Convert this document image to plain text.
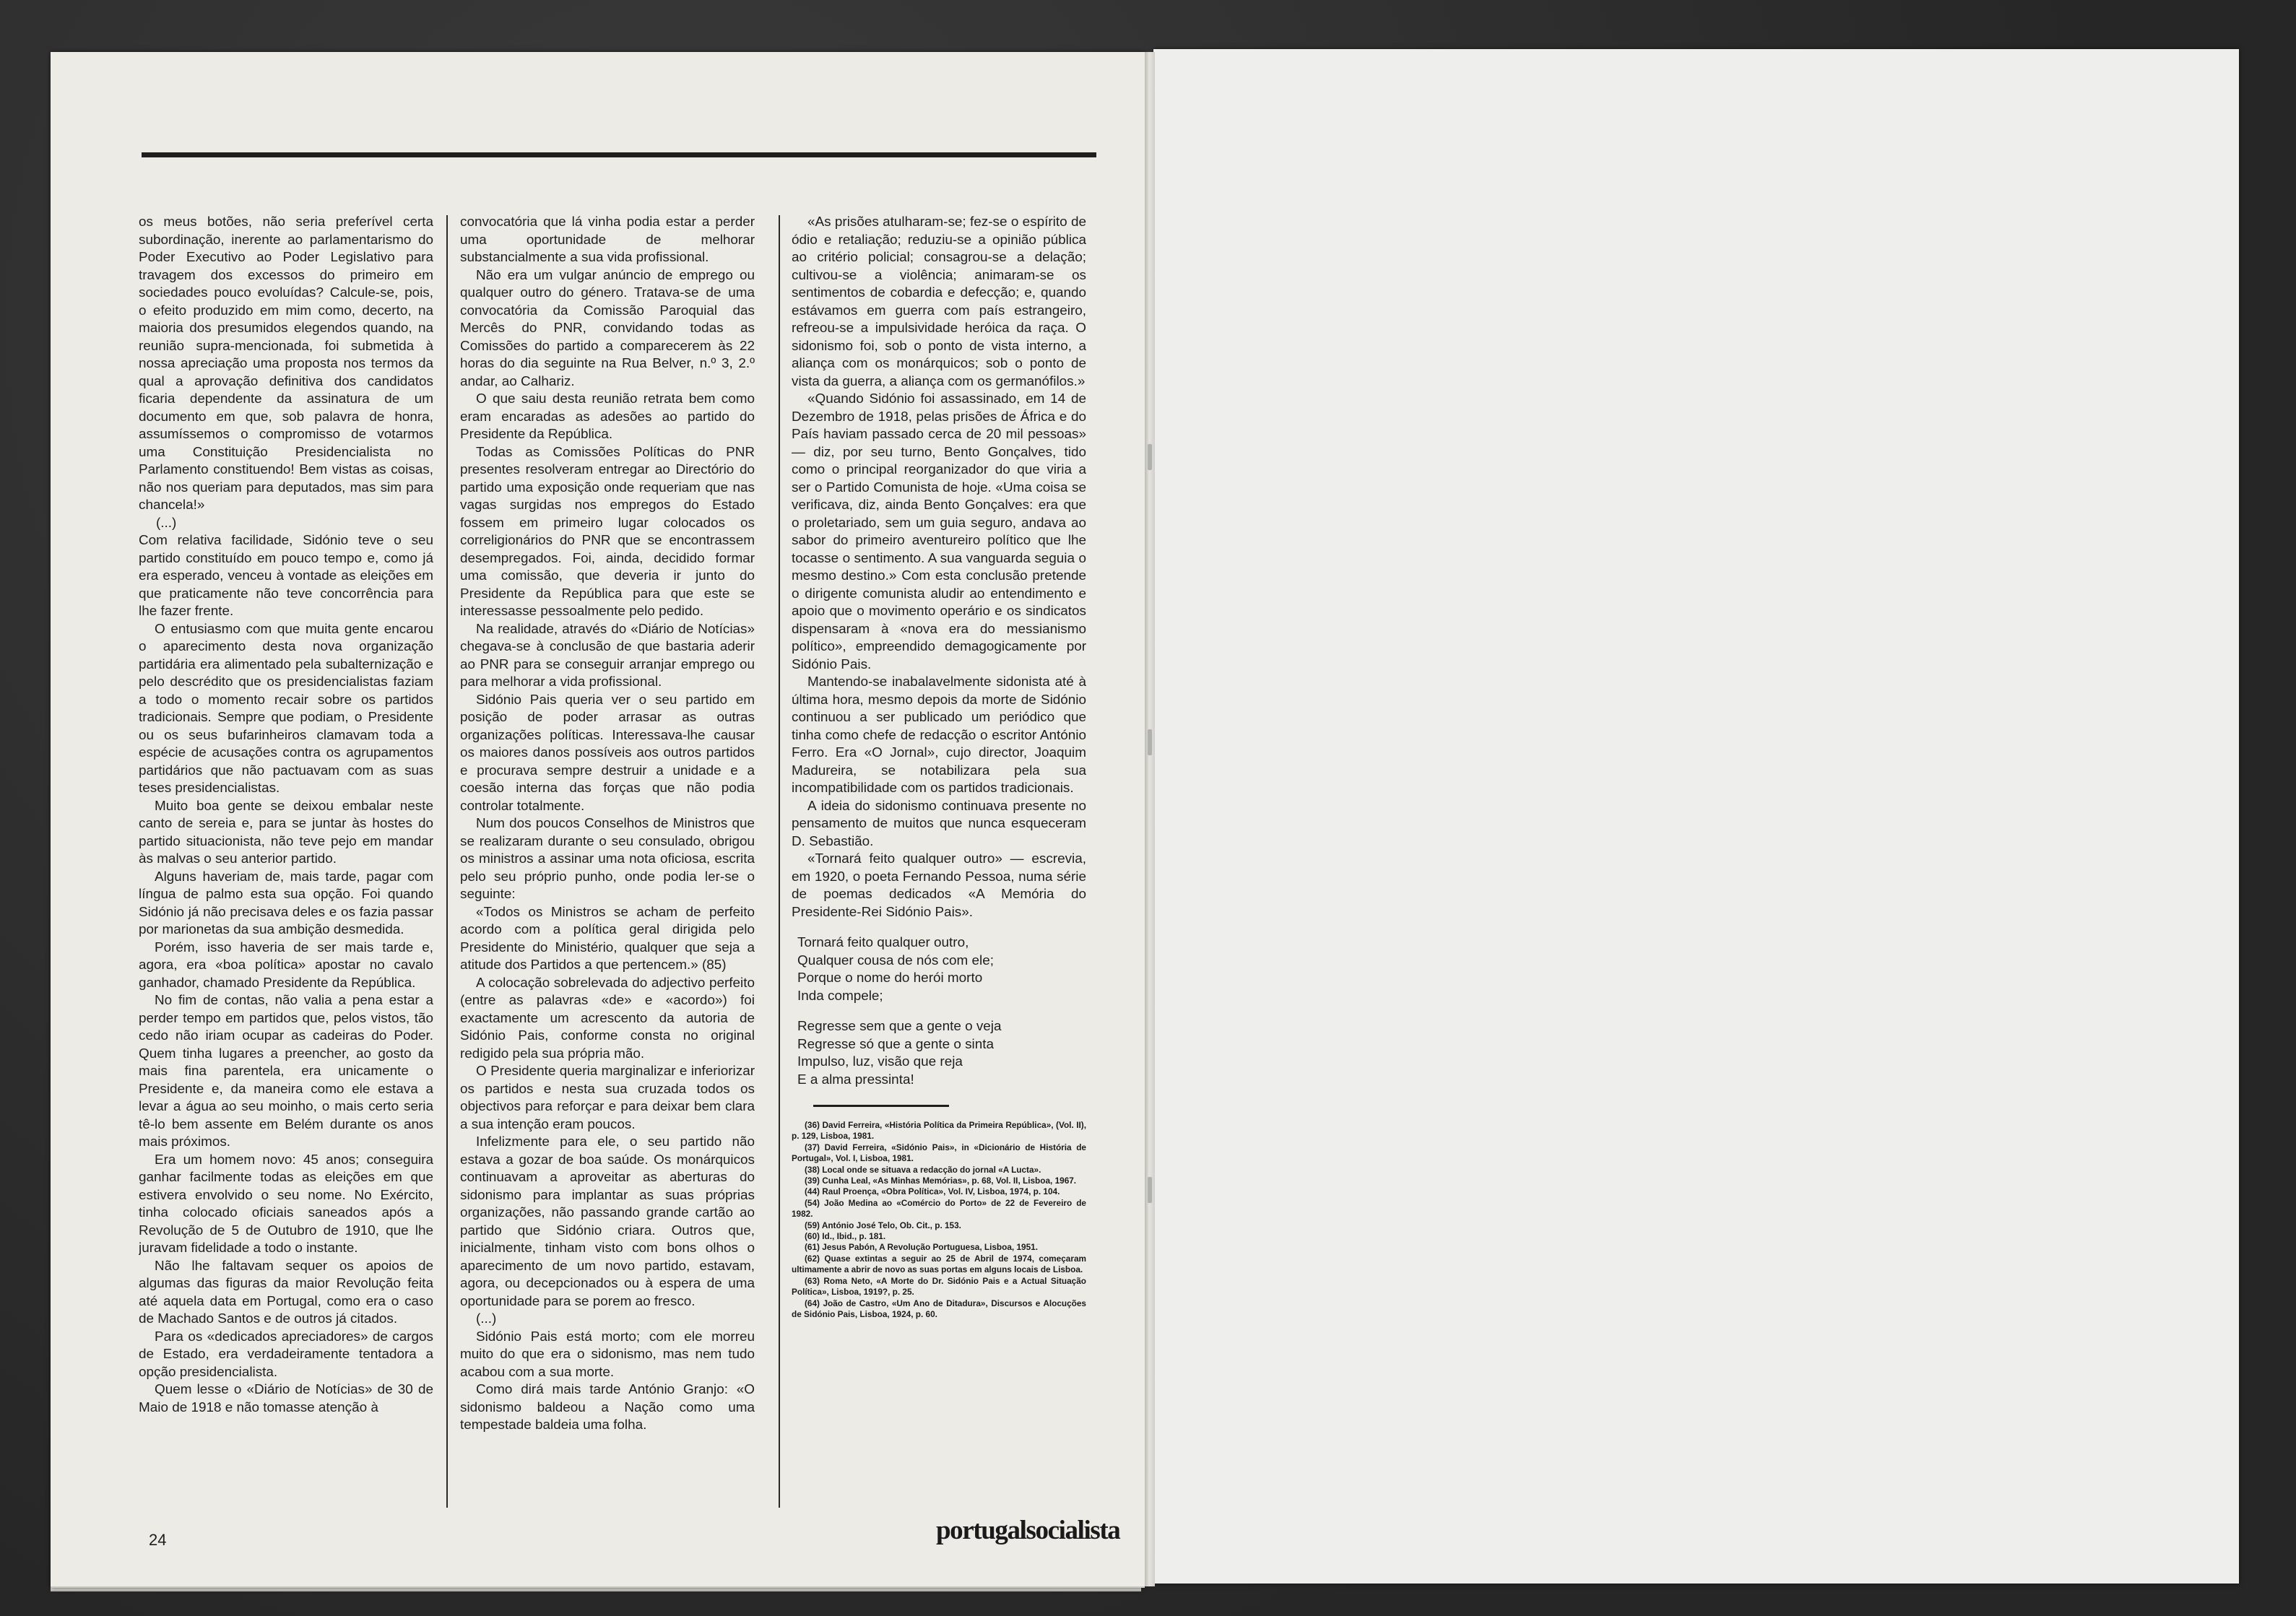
os meus botões, não seria preferível certa subordinação, inerente ao parlamentarismo do Poder Executivo ao Poder Legislativo para travagem dos excessos do primeiro em sociedades pouco evoluídas? Calcule-se, pois, o efeito produzido em mim como, decerto, na maioria dos presumidos elegendos quando, na reunião supra-mencionada, foi submetida à nossa apreciação uma proposta nos termos da qual a aprovação definitiva dos candidatos ficaria dependente da assinatura de um documento em que, sob palavra de honra, assumíssemos o compromisso de votarmos uma Constituição Presidencialista no Parlamento constituendo! Bem vistas as coisas, não nos queriam para deputados, mas sim para chancela!»

(...)

Com relativa facilidade, Sidónio teve o seu partido constituído em pouco tempo e, como já era esperado, venceu à vontade as eleições em que praticamente não teve concorrência para lhe fazer frente.

O entusiasmo com que muita gente encarou o aparecimento desta nova organização partidária era alimentado pela subalternização e pelo descrédito que os presidencialistas faziam a todo o momento recair sobre os partidos tradicionais. Sempre que podiam, o Presidente ou os seus bufarinheiros clamavam toda a espécie de acusações contra os agrupamentos partidários que não pactuavam com as suas teses presidencialistas.

Muito boa gente se deixou embalar neste canto de sereia e, para se juntar às hostes do partido situacionista, não teve pejo em mandar às malvas o seu anterior partido.

Alguns haveriam de, mais tarde, pagar com língua de palmo esta sua opção. Foi quando Sidónio já não precisava deles e os fazia passar por marionetas da sua ambição desmedida.

Porém, isso haveria de ser mais tarde e, agora, era «boa política» apostar no cavalo ganhador, chamado Presidente da República.

No fim de contas, não valia a pena estar a perder tempo em partidos que, pelos vistos, tão cedo não iriam ocupar as cadeiras do Poder. Quem tinha lugares a preencher, ao gosto da mais fina parentela, era unicamente o Presidente e, da maneira como ele estava a levar a água ao seu moinho, o mais certo seria tê-lo bem assente em Belém durante os anos mais próximos.

Era um homem novo: 45 anos; conseguira ganhar facilmente todas as eleições em que estivera envolvido o seu nome. No Exército, tinha colocado oficiais saneados após a Revolução de 5 de Outubro de 1910, que lhe juravam fidelidade a todo o instante.

Não lhe faltavam sequer os apoios de algumas das figuras da maior Revolução feita até aquela data em Portugal, como era o caso de Machado Santos e de outros já citados.

Para os «dedicados apreciadores» de cargos de Estado, era verdadeiramente tentadora a opção presidencialista.

Quem lesse o «Diário de Notícias» de 30 de Maio de 1918 e não tomasse atenção à

convocatória que lá vinha podia estar a perder uma oportunidade de melhorar substancialmente a sua vida profissional.

Não era um vulgar anúncio de emprego ou qualquer outro do género. Tratava-se de uma convocatória da Comissão Paroquial das Mercês do PNR, convidando todas as Comissões do partido a comparecerem às 22 horas do dia seguinte na Rua Belver, n.º 3, 2.º andar, ao Calhariz.

O que saiu desta reunião retrata bem como eram encaradas as adesões ao partido do Presidente da República.

Todas as Comissões Políticas do PNR presentes resolveram entregar ao Directório do partido uma exposição onde requeriam que nas vagas surgidas nos empregos do Estado fossem em primeiro lugar colocados os correligionários do PNR que se encontrassem desempregados. Foi, ainda, decidido formar uma comissão, que deveria ir junto do Presidente da República para que este se interessasse pessoalmente pelo pedido.

Na realidade, através do «Diário de Notícias» chegava-se à conclusão de que bastaria aderir ao PNR para se conseguir arranjar emprego ou para melhorar a vida profissional.

Sidónio Pais queria ver o seu partido em posição de poder arrasar as outras organizações políticas. Interessava-lhe causar os maiores danos possíveis aos outros partidos e procurava sempre destruir a unidade e a coesão interna das forças que não podia controlar totalmente.

Num dos poucos Conselhos de Ministros que se realizaram durante o seu consulado, obrigou os ministros a assinar uma nota oficiosa, escrita pelo seu próprio punho, onde podia ler-se o seguinte:

«Todos os Ministros se acham de perfeito acordo com a política geral dirigida pelo Presidente do Ministério, qualquer que seja a atitude dos Partidos a que pertencem.» (85)

A colocação sobrelevada do adjectivo perfeito (entre as palavras «de» e «acordo») foi exactamente um acrescento da autoria de Sidónio Pais, conforme consta no original redigido pela sua própria mão.

O Presidente queria marginalizar e inferiorizar os partidos e nesta sua cruzada todos os objectivos para reforçar e para deixar bem clara a sua intenção eram poucos.

Infelizmente para ele, o seu partido não estava a gozar de boa saúde. Os monárquicos continuavam a aproveitar as aberturas do sidonismo para implantar as suas próprias organizações, não passando grande cartão ao partido que Sidónio criara. Outros que, inicialmente, tinham visto com bons olhos o aparecimento de um novo partido, estavam, agora, ou decepcionados ou à espera de uma oportunidade para se porem ao fresco.

(...)

Sidónio Pais está morto; com ele morreu muito do que era o sidonismo, mas nem tudo acabou com a sua morte.

Como dirá mais tarde António Granjo: «O sidonismo baldeou a Nação como uma tempestade baldeia uma folha.

«As prisões atulharam-se; fez-se o espírito de ódio e retaliação; reduziu-se a opinião pública ao critério policial; consagrou-se a delação; cultivou-se a violência; animaram-se os sentimentos de cobardia e defecção; e, quando estávamos em guerra com país estrangeiro, refreou-se a impulsividade heróica da raça. O sidonismo foi, sob o ponto de vista interno, a aliança com os monárquicos; sob o ponto de vista da guerra, a aliança com os germanófilos.»

«Quando Sidónio foi assassinado, em 14 de Dezembro de 1918, pelas prisões de África e do País haviam passado cerca de 20 mil pessoas» — diz, por seu turno, Bento Gonçalves, tido como o principal reorganizador do que viria a ser o Partido Comunista de hoje. «Uma coisa se verificava, diz, ainda Bento Gonçalves: era que o proletariado, sem um guia seguro, andava ao sabor do primeiro aventureiro político que lhe tocasse o sentimento. A sua vanguarda seguia o mesmo destino.» Com esta conclusão pretende o dirigente comunista aludir ao entendimento e apoio que o movimento operário e os sindicatos dispensaram à «nova era do messianismo político», empreendido demagogicamente por Sidónio Pais.

Mantendo-se inabalavelmente sidonista até à última hora, mesmo depois da morte de Sidónio continuou a ser publicado um periódico que tinha como chefe de redacção o escritor António Ferro. Era «O Jornal», cujo director, Joaquim Madureira, se notabilizara pela sua incompatibilidade com os partidos tradicionais.

A ideia do sidonismo continuava presente no pensamento de muitos que nunca esqueceram D. Sebastião.

«Tornará feito qualquer outro» — escrevia, em 1920, o poeta Fernando Pessoa, numa série de poemas dedicados «A Memória do Presidente-Rei Sidónio Pais».

Tornará feito qualquer outro,
Qualquer cousa de nós com ele;
Porque o nome do herói morto
Inda compele;
Regresse sem que a gente o veja
Regresse só que a gente o sinta
Impulso, luz, visão que reja
E a alma pressinta!
(36) David Ferreira, «História Política da Primeira República», (Vol. II), p. 129, Lisboa, 1981.
(37) David Ferreira, «Sidónio Pais», in «Dicionário de História de Portugal», Vol. I, Lisboa, 1981.
(38) Local onde se situava a redacção do jornal «A Lucta».
(39) Cunha Leal, «As Minhas Memórias», p. 68, Vol. II, Lisboa, 1967.
(44) Raul Proença, «Obra Política», Vol. IV, Lisboa, 1974, p. 104.
(54) João Medina ao «Comércio do Porto» de 22 de Fevereiro de 1982.
(59) António José Telo, Ob. Cit., p. 153.
(60) Id., Ibid., p. 181.
(61) Jesus Pabón, A Revolução Portuguesa, Lisboa, 1951.
(62) Quase extintas a seguir ao 25 de Abril de 1974, começaram ultimamente a abrir de novo as suas portas em alguns locais de Lisboa.
(63) Roma Neto, «A Morte do Dr. Sidónio Pais e a Actual Situação Política», Lisboa, 1919?, p. 25.
(64) João de Castro, «Um Ano de Ditadura», Discursos e Alocuções de Sidónio Pais, Lisboa, 1924, p. 60.
24	portugalsocialista
